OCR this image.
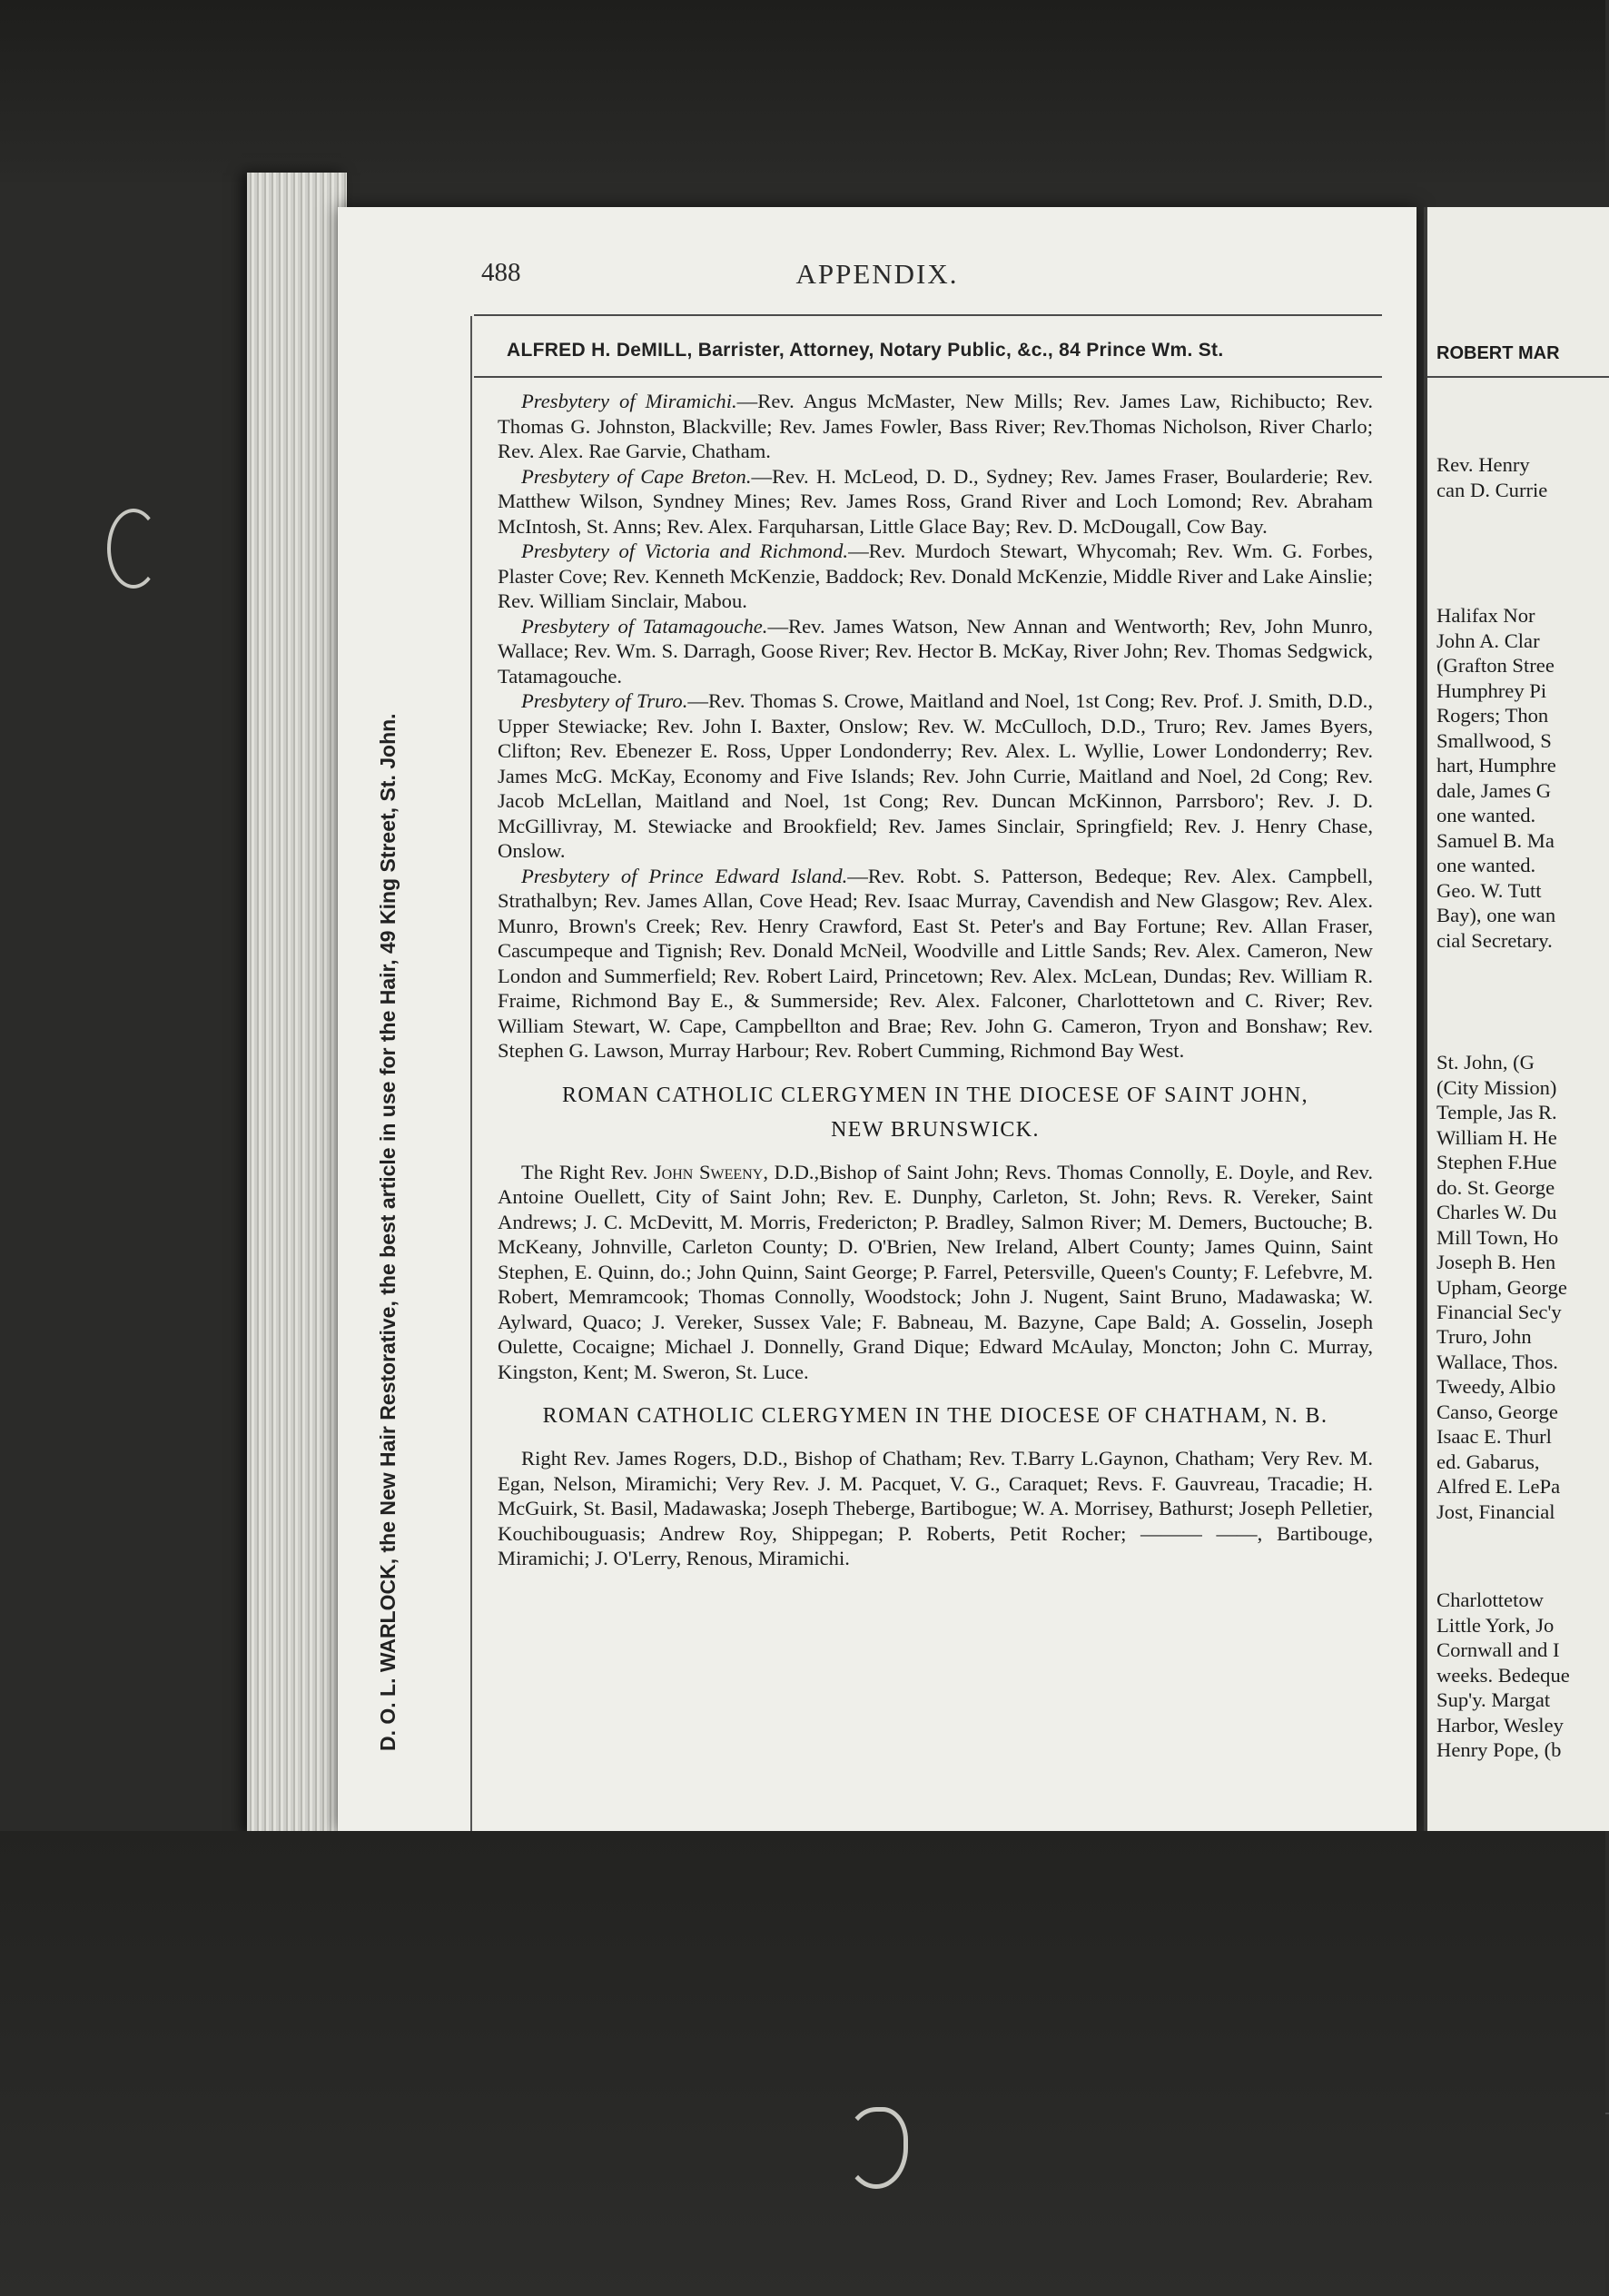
488	APPENDIX.
ALFRED H. DeMILL, Barrister, Attorney, Notary Public, &c., 84 Prince Wm. St.
D. O. L. WARLOCK, the New Hair Restorative, the best article in use for the Hair, 49 King Street, St. John.

Presbytery of Miramichi.—Rev. Angus McMaster, New Mills; Rev. James Law, Richibucto; Rev. Thomas G. Johnston, Blackville; Rev. James Fowler, Bass River; Rev.Thomas Nicholson, River Charlo; Rev. Alex. Rae Garvie, Chatham.

Presbytery of Cape Breton.—Rev. H. McLeod, D. D., Sydney; Rev. James Fraser, Boularderie; Rev. Matthew Wilson, Syndney Mines; Rev. James Ross, Grand River and Loch Lomond; Rev. Abraham McIntosh, St. Anns; Rev. Alex. Farquharsan, Little Glace Bay; Rev. D. McDougall, Cow Bay.

Presbytery of Victoria and Richmond.—Rev. Murdoch Stewart, Whycomah; Rev. Wm. G. Forbes, Plaster Cove; Rev. Kenneth McKenzie, Baddock; Rev. Donald McKenzie, Middle River and Lake Ainslie; Rev. William Sinclair, Mabou.

Presbytery of Tatamagouche.—Rev. James Watson, New Annan and Wentworth; Rev, John Munro, Wallace; Rev. Wm. S. Darragh, Goose River; Rev. Hector B. McKay, River John; Rev. Thomas Sedgwick, Tatamagouche.

Presbytery of Truro.—Rev. Thomas S. Crowe, Maitland and Noel, 1st Cong; Rev. Prof. J. Smith, D.D., Upper Stewiacke; Rev. John I. Baxter, Onslow; Rev. W. McCulloch, D.D., Truro; Rev. James Byers, Clifton; Rev. Ebenezer E. Ross, Upper Londonderry; Rev. Alex. L. Wyllie, Lower Londonderry; Rev. James McG. McKay, Economy and Five Islands; Rev. John Currie, Maitland and Noel, 2d Cong; Rev. Jacob McLellan, Maitland and Noel, 1st Cong; Rev. Duncan McKinnon, Parrsboro'; Rev. J. D. McGillivray, M. Stewiacke and Brookfield; Rev. James Sinclair, Springfield; Rev. J. Henry Chase, Onslow.

Presbytery of Prince Edward Island.—Rev. Robt. S. Patterson, Bedeque; Rev. Alex. Campbell, Strathalbyn; Rev. James Allan, Cove Head; Rev. Isaac Murray, Cavendish and New Glasgow; Rev. Alex. Munro, Brown's Creek; Rev. Henry Crawford, East St. Peter's and Bay Fortune; Rev. Allan Fraser, Cascumpeque and Tignish; Rev. Donald McNeil, Woodville and Little Sands; Rev. Alex. Cameron, New London and Summerfield; Rev. Robert Laird, Princetown; Rev. Alex. McLean, Dundas; Rev. William R. Fraime, Richmond Bay E., & Summerside; Rev. Alex. Falconer, Charlottetown and C. River; Rev. William Stewart, W. Cape, Campbellton and Brae; Rev. John G. Cameron, Tryon and Bonshaw; Rev. Stephen G. Lawson, Murray Harbour; Rev. Robert Cumming, Richmond Bay West.

ROMAN CATHOLIC CLERGYMEN IN THE DIOCESE OF SAINT JOHN,
NEW BRUNSWICK.

The Right Rev. John Sweeny, D.D.,Bishop of Saint John; Revs. Thomas Connolly, E. Doyle, and Rev. Antoine Ouellett, City of Saint John; Rev. E. Dunphy, Carleton, St. John; Revs. R. Vereker, Saint Andrews; J. C. McDevitt, M. Morris, Fredericton; P. Bradley, Salmon River; M. Demers, Buctouche; B. McKeany, Johnville, Carleton County; D. O'Brien, New Ireland, Albert County; James Quinn, Saint Stephen, E. Quinn, do.; John Quinn, Saint George; P. Farrel, Petersville, Queen's County; F. Lefebvre, M. Robert, Memramcook; Thomas Connolly, Woodstock; John J. Nugent, Saint Bruno, Madawaska; W. Aylward, Quaco; J. Vereker, Sussex Vale; F. Babneau, M. Bazyne, Cape Bald; A. Gosselin, Joseph Oulette, Cocaigne; Michael J. Donnelly, Grand Dique; Edward McAulay, Moncton; John C. Murray, Kingston, Kent; M. Sweron, St. Luce.

ROMAN CATHOLIC CLERGYMEN IN THE DIOCESE OF CHATHAM, N. B.

Right Rev. James Rogers, D.D., Bishop of Chatham; Rev. T.Barry L.Gaynon, Chatham; Very Rev. M. Egan, Nelson, Miramichi; Very Rev. J. M. Pacquet, V. G., Caraquet; Revs. F. Gauvreau, Tracadie; H. McGuirk, St. Basil, Madawaska; Joseph Theberge, Bartibogue; W. A. Morrisey, Bathurst; Joseph Pelletier, Kouchibouguasis; Andrew Roy, Shippegan; P. Roberts, Petit Rocher; ——— ——, Bartibouge, Miramichi; J. O'Lerry, Renous, Miramichi.

ROBERT MAR
Rev. Henry
can D. Currie
Halifax Nor
John A. Clar
(Grafton Stree
Humphrey Pi
Rogers; Thon
Smallwood, S
hart, Humphre
dale, James G
one wanted.
Samuel B. Ma
one wanted.
Geo. W. Tutt
Bay), one wan
cial Secretary.
St. John, (G
(City Mission)
Temple, Jas R.
William H. He
Stephen F.Hue
do. St. George
Charles W. Du
Mill Town, Ho
Joseph B. Hen
Upham, George
Financial Sec'y
Truro, John
Wallace, Thos.
Tweedy, Albio
Canso, George
Isaac E. Thurl
ed. Gabarus,
Alfred E. LePa
Jost, Financial
Charlottetow
Little York, Jo
Cornwall and I
weeks. Bedeque
Sup'y. Margat
Harbor, Wesley
Henry Pope, (b
